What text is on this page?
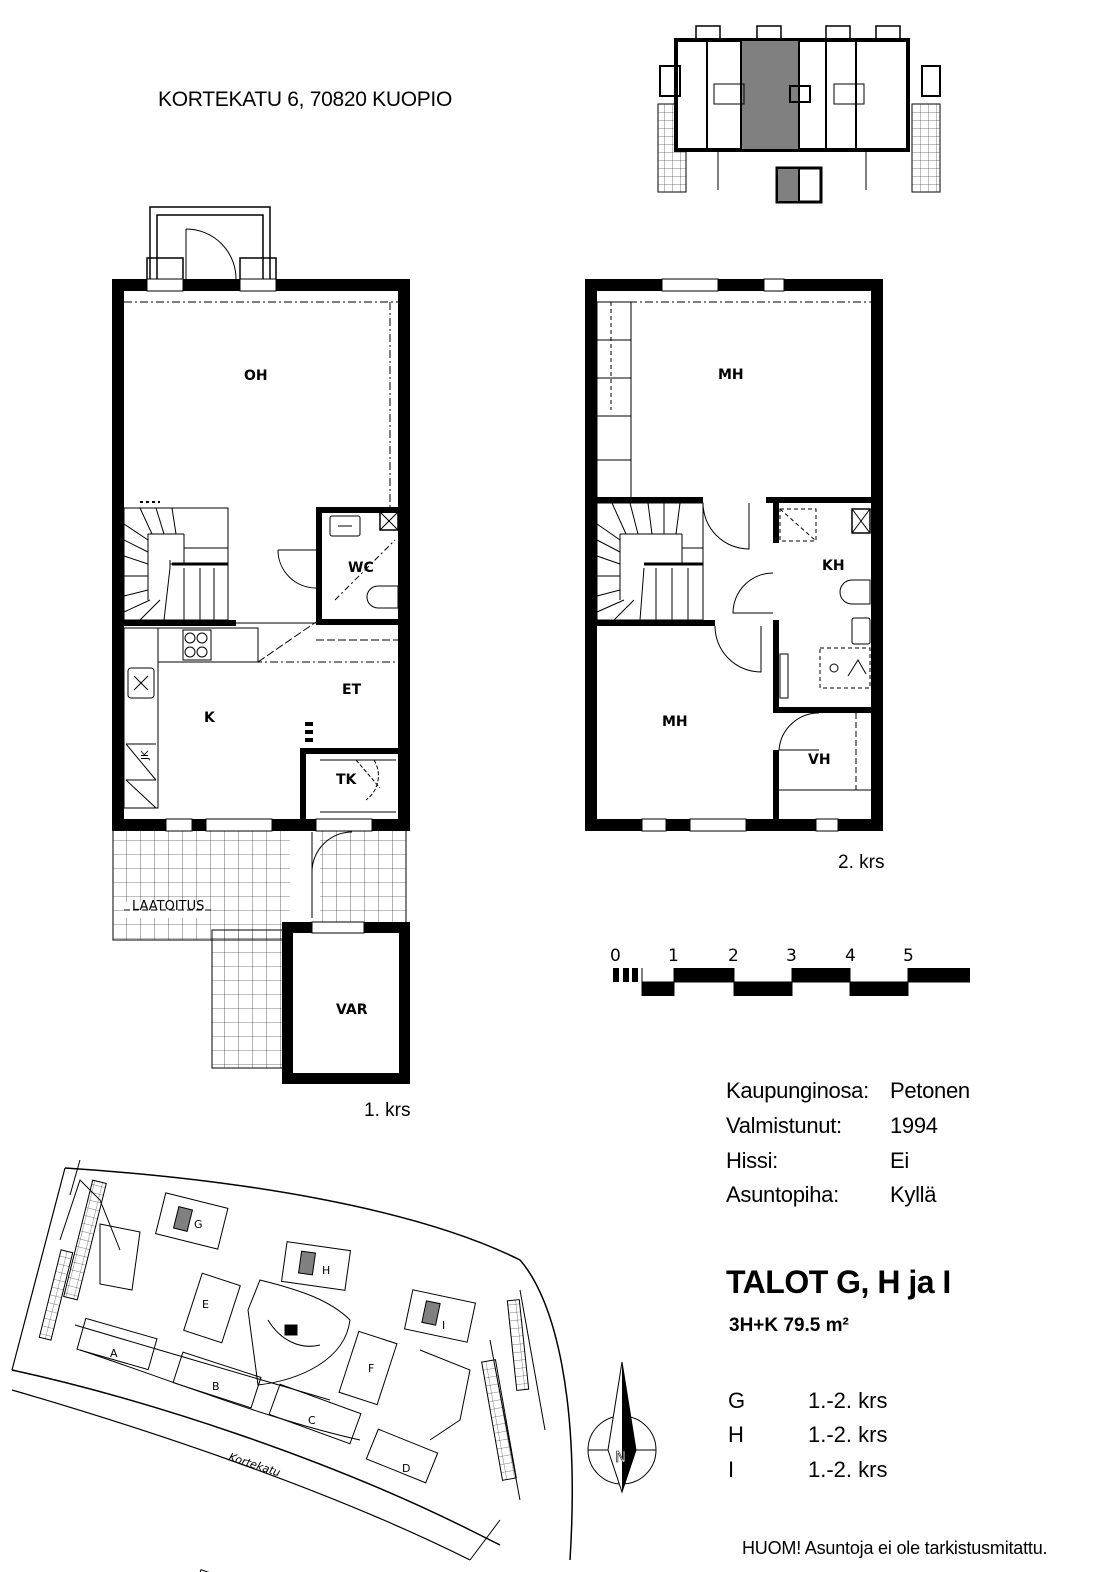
KORTEKATU 6, 70820 KUOPIO
1. krs
2. krs
Kaupunginosa: Petonen
Valmistunut: 1994
Hissi:	Ei
Asuntopiha: Kyllä
TALOT G, H ja I
3H+K 79.5 m²
G	1.-2. krs
H	1.-2. krs
I	1.-2. krs
HUOM! Asuntoja ei ole tarkistusmitattu.
OH
WC
K
ET
TK
VAR
LAATOITUS
JK
MH
KH
MH
VH
0	1	2	3	4	5
A
B
C
D
E
F
G
H
I
Kortekatu	N
